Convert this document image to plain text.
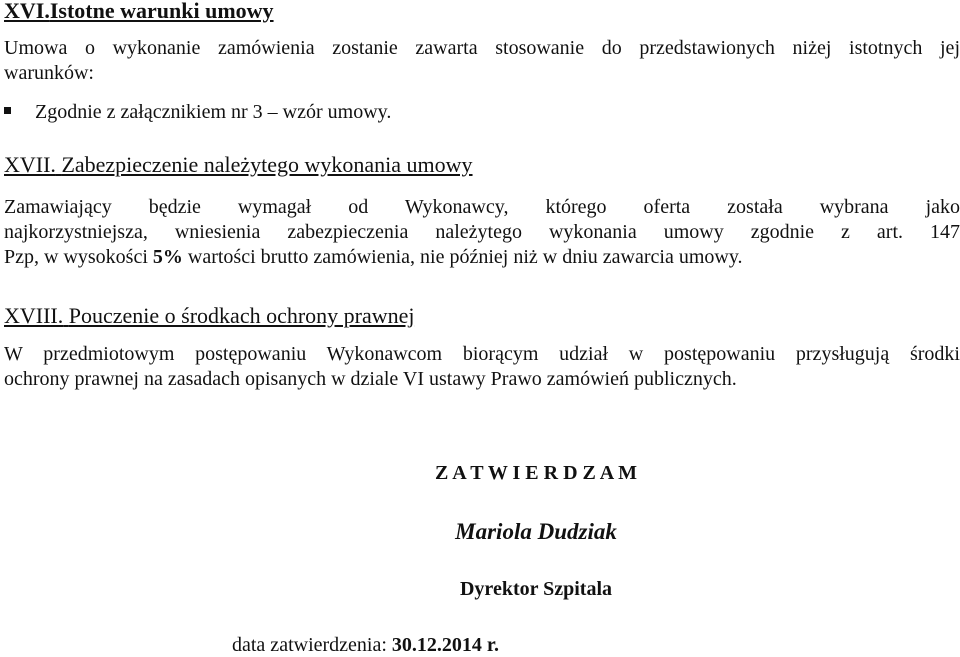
XVI.Istotne warunki umowy
Umowa o wykonanie zamówienia zostanie zawarta stosowanie do przedstawionych niżej istotnych jej
warunków:
Zgodnie z załącznikiem nr 3 – wzór umowy.
XVII. Zabezpieczenie należytego wykonania umowy
Zamawiający będzie wymagał od Wykonawcy, którego oferta została wybrana jako
najkorzystniejsza, wniesienia zabezpieczenia należytego wykonania umowy zgodnie z art. 147
Pzp, w wysokości 5% wartości brutto zamówienia, nie później niż w dniu zawarcia umowy.
XVIII. Pouczenie o środkach ochrony prawnej
W przedmiotowym postępowaniu Wykonawcom biorącym udział w postępowaniu przysługują środki
ochrony prawnej na zasadach opisanych w dziale VI ustawy Prawo zamówień publicznych.
Z A T W I E R D Z A M
Mariola Dudziak
Dyrektor Szpitala
data zatwierdzenia: 30.12.2014 r.
